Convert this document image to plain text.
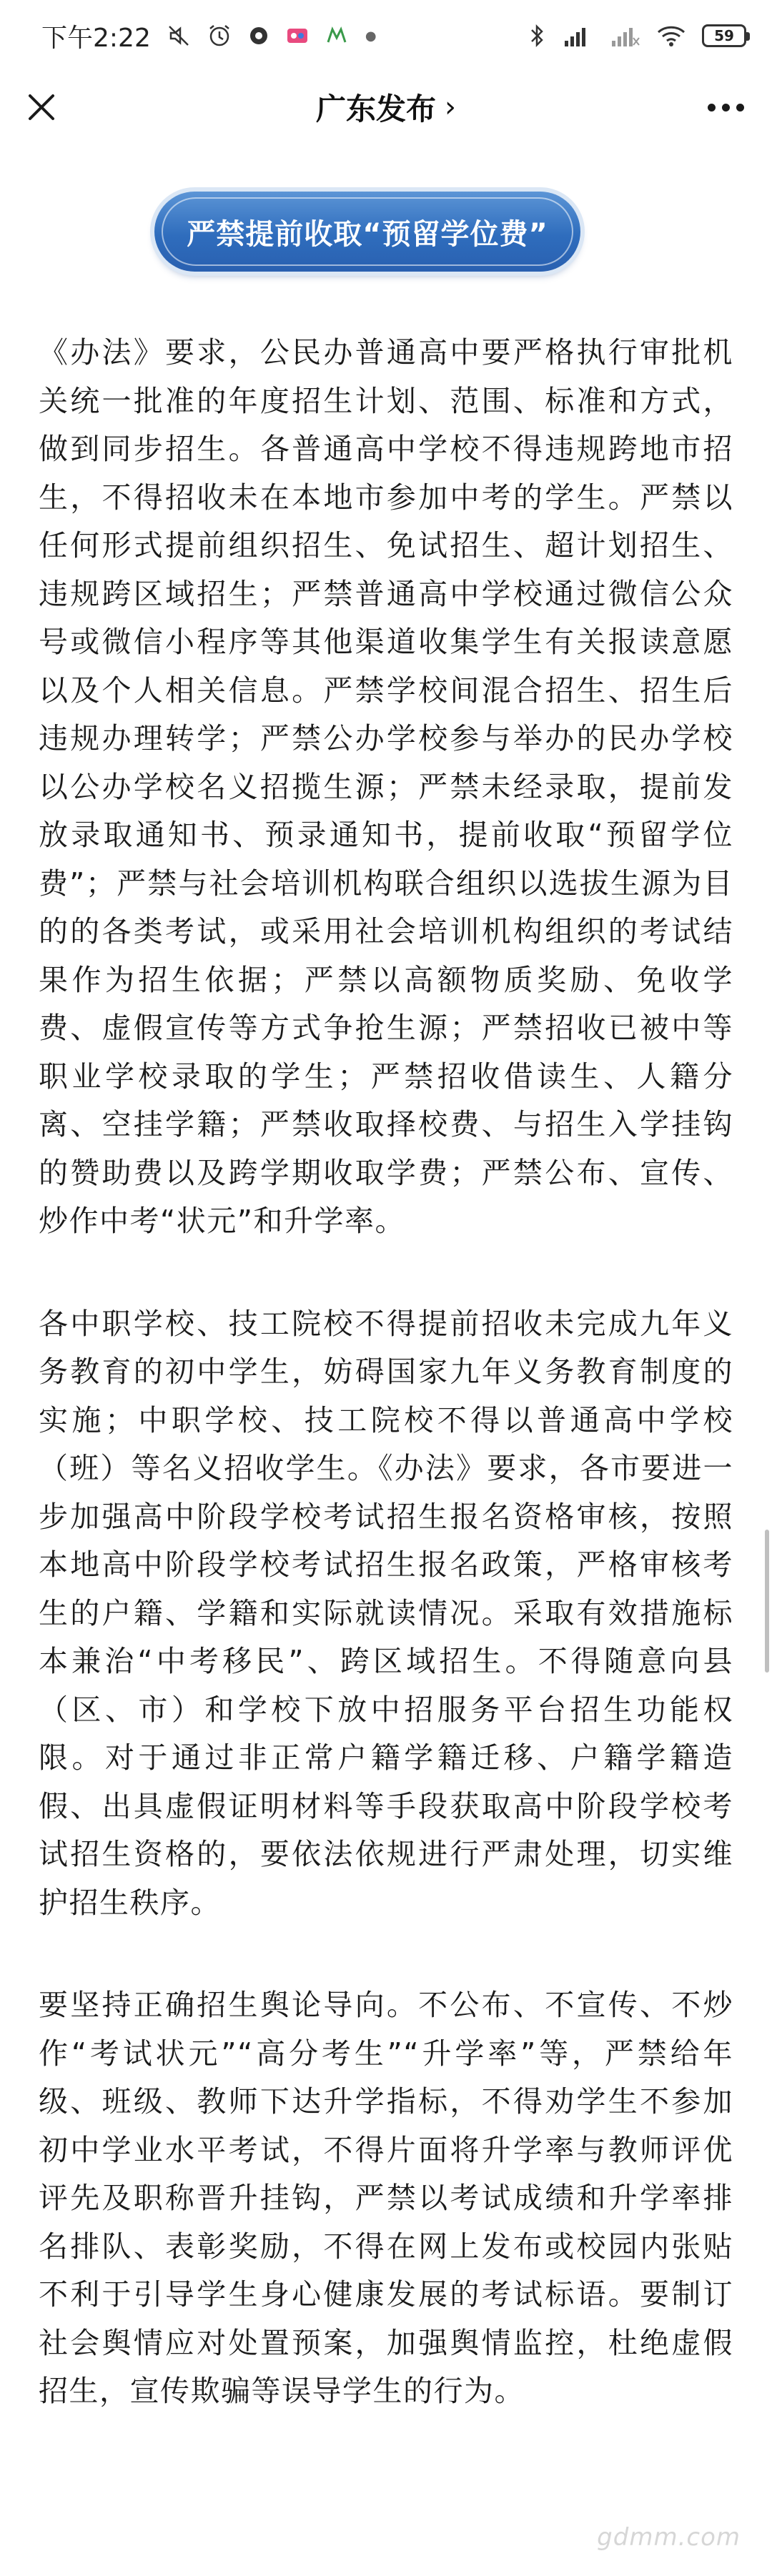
下午2:22	●	59
广东发布 ›
严禁提前收取“预留学位费”

《办法》要求，公民办普通高中要严格执行审批机关统一批准的年度招生计划、范围、标准和方式，做到同步招生。各普通高中学校不得违规跨地市招生，不得招收未在本地市参加中考的学生。严禁以任何形式提前组织招生、免试招生、超计划招生、违规跨区域招生；严禁普通高中学校通过微信公众号或微信小程序等其他渠道收集学生有关报读意愿以及个人相关信息。严禁学校间混合招生、招生后违规办理转学；严禁公办学校参与举办的民办学校以公办学校名义招揽生源；严禁未经录取，提前发放录取通知书、预录通知书，提前收取“预留学位费”；严禁与社会培训机构联合组织以选拔生源为目的的各类考试，或采用社会培训机构组织的考试结果作为招生依据；严禁以高额物质奖励、免收学费、虚假宣传等方式争抢生源；严禁招收已被中等职业学校录取的学生；严禁招收借读生、人籍分离、空挂学籍；严禁收取择校费、与招生入学挂钩的赞助费以及跨学期收取学费；严禁公布、宣传、炒作中考“状元”和升学率。

各中职学校、技工院校不得提前招收未完成九年义务教育的初中学生，妨碍国家九年义务教育制度的实施；中职学校、技工院校不得以普通高中学校（班）等名义招收学生。《办法》要求，各市要进一步加强高中阶段学校考试招生报名资格审核，按照本地高中阶段学校考试招生报名政策，严格审核考生的户籍、学籍和实际就读情况。采取有效措施标本兼治“中考移民”、跨区域招生。不得随意向县（区、市）和学校下放中招服务平台招生功能权限。对于通过非正常户籍学籍迁移、户籍学籍造假、出具虚假证明材料等手段获取高中阶段学校考试招生资格的，要依法依规进行严肃处理，切实维护招生秩序。

要坚持正确招生舆论导向。不公布、不宣传、不炒作“考试状元”“高分考生”“升学率”等，严禁给年级、班级、教师下达升学指标，不得劝学生不参加初中学业水平考试，不得片面将升学率与教师评优评先及职称晋升挂钩，严禁以考试成绩和升学率排名排队、表彰奖励，不得在网上发布或校园内张贴不利于引导学生身心健康发展的考试标语。要制订社会舆情应对处置预案，加强舆情监控，杜绝虚假招生，宣传欺骗等误导学生的行为。

gdmm.com
